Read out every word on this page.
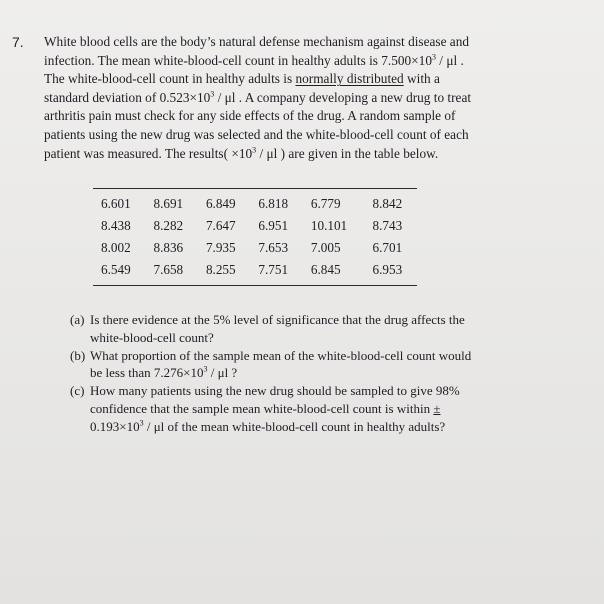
7. White blood cells are the body’s natural defense mechanism against disease and
infection. The mean white-blood-cell count in healthy adults is $7.500\times 10^3 / \mu l$ .
The white-blood-cell count in healthy adults is normally distributed with a
standard deviation of $0.523\times 10^3 / \mu l$ . A company developing a new drug to treat
arthritis pain must check for any side effects of the drug. A random sample of
patients using the new drug was selected and the white-blood-cell count of each
patient was measured. The results( $\times 10^3 / \mu l$ ) are given in the table below.
6.601	8.691	6.849	6.818	6.779	8.842
8.438	8.282	7.647	6.951	10.101	8.743
8.002	8.836	7.935	7.653	7.005	6.701
6.549	7.658	8.255	7.751	6.845	6.953
(a) Is there evidence at the 5% level of significance that the drug affects the
white-blood-cell count?
(b) What proportion of the sample mean of the white-blood-cell count would
be less than $7.276\times 10^3 / \mu l$ ?
(c) How many patients using the new drug should be sampled to give 98%
confidence that the sample mean white-blood-cell count is within ±
$0.193\times 10^3 / \mu l$ of the mean white-blood-cell count in healthy adults?
